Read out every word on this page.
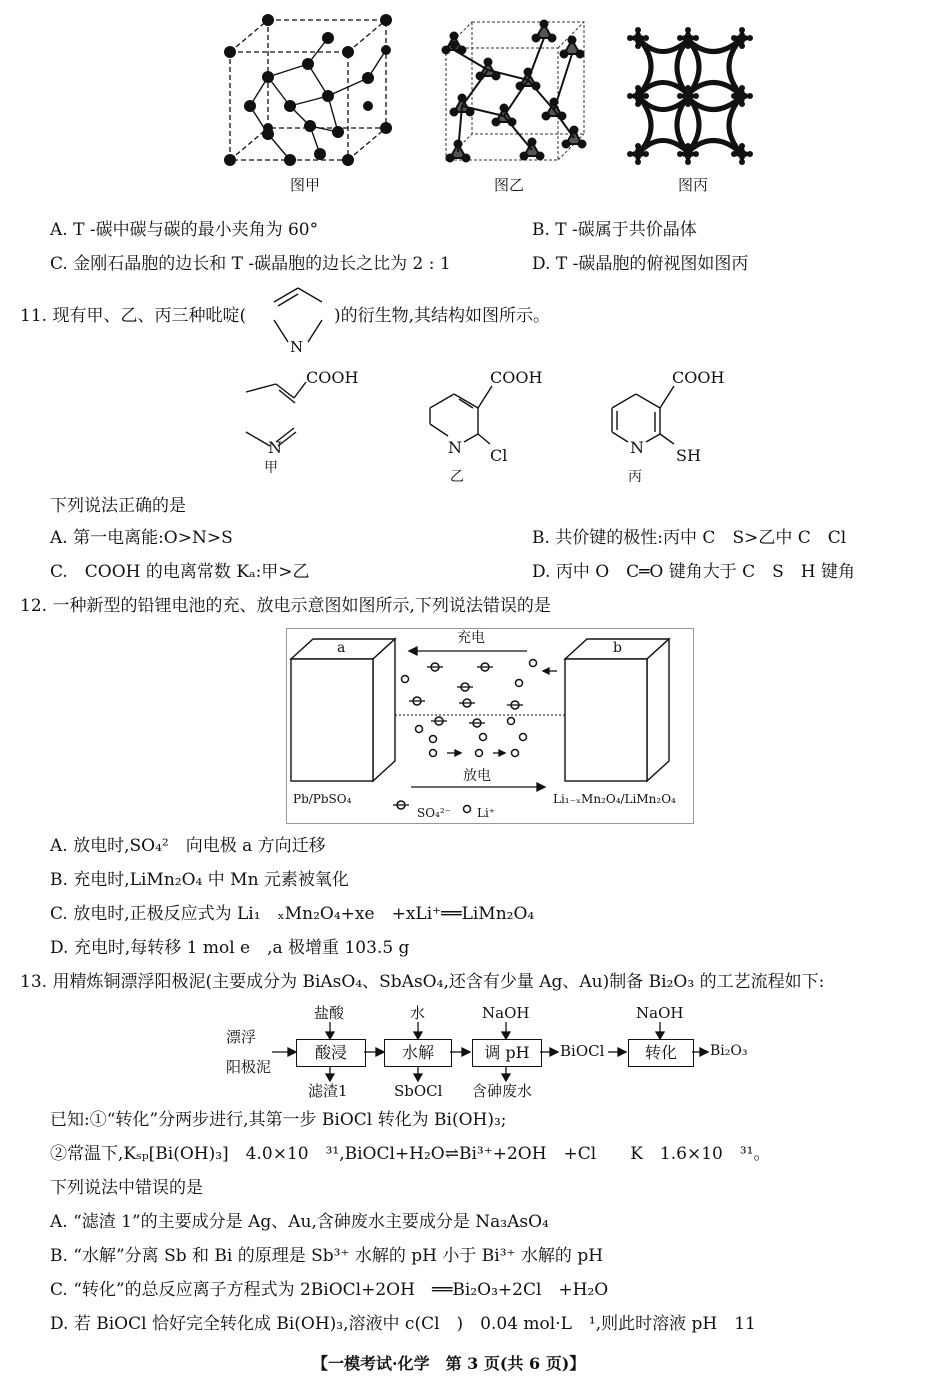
图甲	图乙	图丙
A. T -碳中碳与碳的最小夹角为 60°	B. T -碳属于共价晶体
C. 金刚石晶胞的边长和 T -碳晶胞的边长之比为 2 : 1	D. T -碳晶胞的俯视图如图丙
11. 现有甲、乙、丙三种吡啶(
N
)的衍生物,其结构如图所示。
COOH
N
甲
COOH
N Cl
乙
COOH
N SH
丙
下列说法正确的是
A. 第一电离能:O>N>S	B. 共价键的极性:丙中 C　S>乙中 C　Cl
C.　COOH 的电离常数 Kₐ:甲>乙	D. 丙中 O　C═O 键角大于 C　S　H 键角
12. 一种新型的铅锂电池的充、放电示意图如图所示,下列说法错误的是
a	b
充电
放电
Pb/PbSO₄	Li₁₋ₓMn₂O₄/LiMn₂O₄
SO₄²⁻ Li⁺
A. 放电时,SO₄²　向电极 a 方向迁移
B. 充电时,LiMn₂O₄ 中 Mn 元素被氧化
C. 放电时,正极反应式为 Li₁　ₓMn₂O₄+xe　+xLi⁺══LiMn₂O₄
D. 充电时,每转移 1 mol e　,a 极增重 103.5 g
13. 用精炼铜漂浮阳极泥(主要成分为 BiAsO₄、SbAsO₄,还含有少量 Ag、Au)制备 Bi₂O₃ 的工艺流程如下:
漂浮
阳极泥
盐酸	水	NaOH	NaOH
酸浸	水解	调 pH	BiOCl	转化	Bi₂O₃
滤渣1	SbOCl 含砷废水
已知:①“转化”分两步进行,其第一步 BiOCl 转化为 Bi(OH)₃;
②常温下,Kₛₚ[Bi(OH)₃]　4.0×10　³¹,BiOCl+H₂O⇌Bi³⁺+2OH　+Cl　　K　1.6×10　³¹。
下列说法中错误的是
A. “滤渣 1”的主要成分是 Ag、Au,含砷废水主要成分是 Na₃AsO₄
B. “水解”分离 Sb 和 Bi 的原理是 Sb³⁺ 水解的 pH 小于 Bi³⁺ 水解的 pH
C. “转化”的总反应离子方程式为 2BiOCl+2OH　══Bi₂O₃+2Cl　+H₂O
D. 若 BiOCl 恰好完全转化成 Bi(OH)₃,溶液中 c(Cl　)　0.04 mol·L　¹,则此时溶液 pH　11
【一模考试·化学　第 3 页(共 6 页)】
